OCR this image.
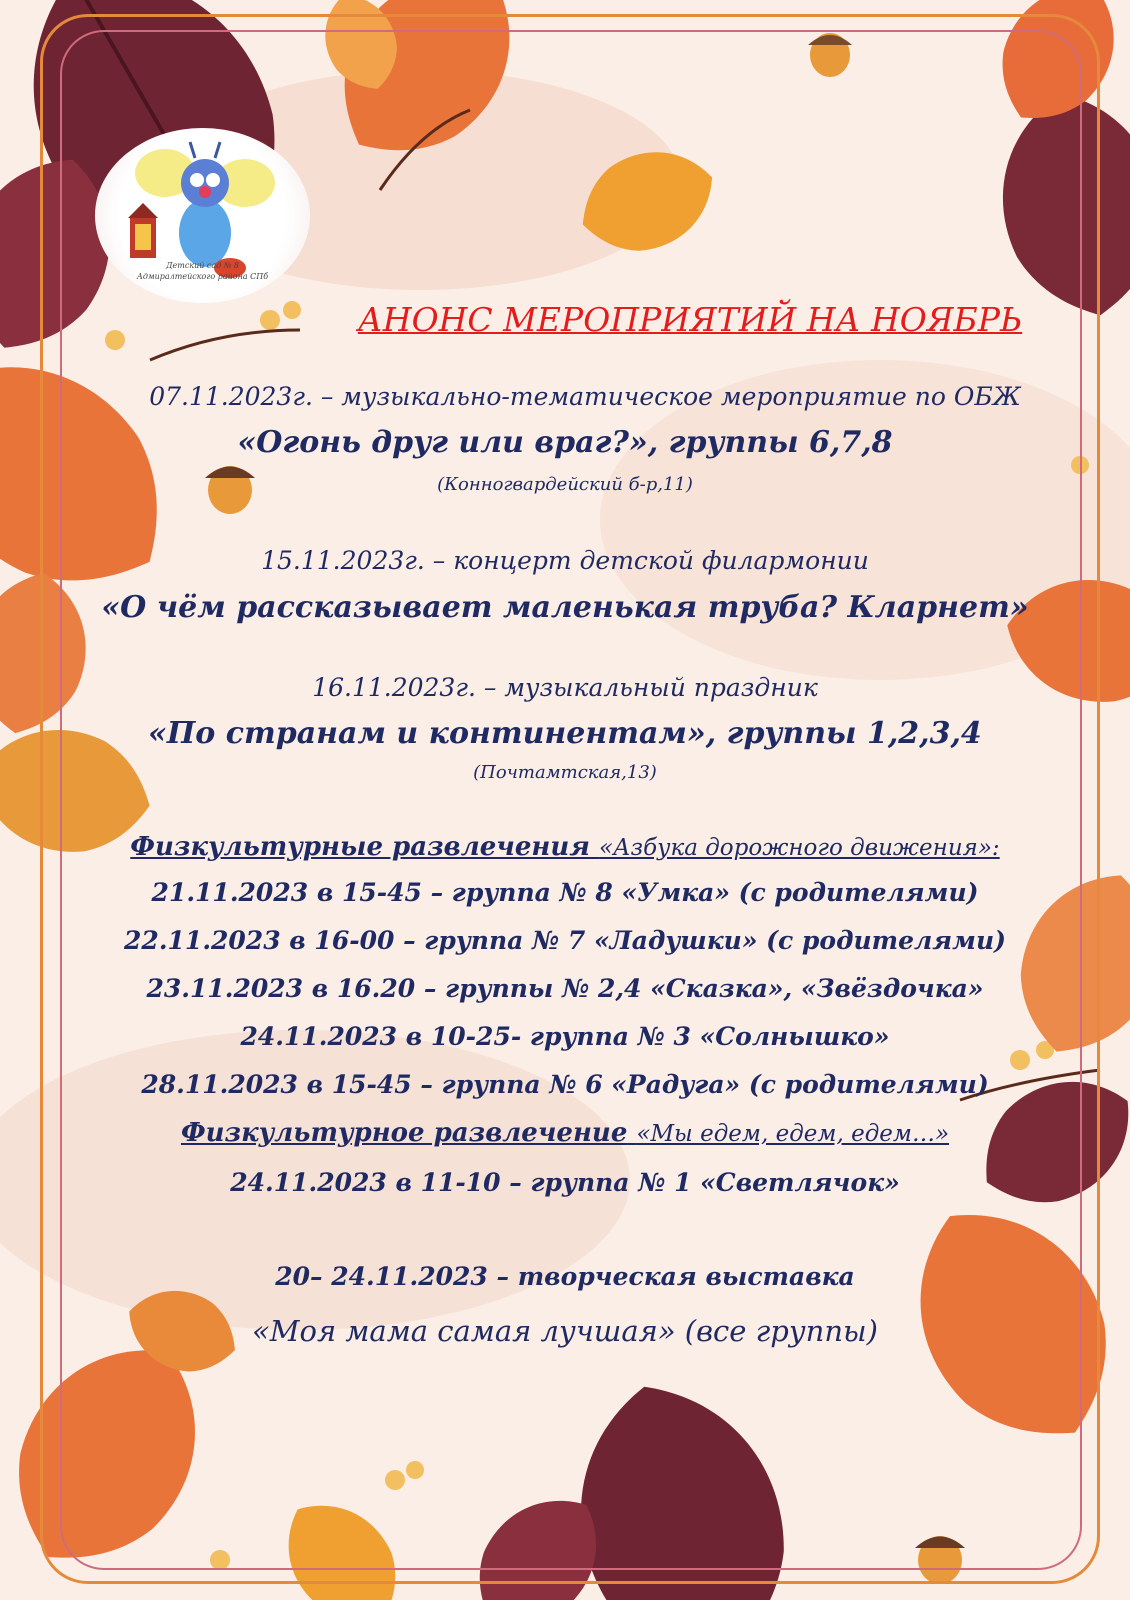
Детский сад № 8
Адмиралтейского района СПб
АНОНС МЕРОПРИЯТИЙ НА НОЯБРЬ
07.11.2023г. – музыкально-тематическое мероприятие по ОБЖ
«Огонь друг или враг?», группы 6,7,8
(Конногвардейский б-р,11)
15.11.2023г. – концерт детской филармонии
«О чём рассказывает маленькая труба? Кларнет»
16.11.2023г. – музыкальный праздник
«По странам и континентам», группы 1,2,3,4
(Почтамтская,13)
Физкультурные развлечения «Азбука дорожного движения»:
21.11.2023 в 15-45 – группа № 8 «Умка» (с родителями)
22.11.2023 в 16-00 – группа № 7 «Ладушки» (с родителями)
23.11.2023 в 16.20 – группы № 2,4 «Сказка», «Звёздочка»
24.11.2023 в 10-25- группа № 3 «Солнышко»
28.11.2023 в 15-45 – группа № 6 «Радуга» (с родителями)
Физкультурное развлечение «Мы едем, едем, едем…»
24.11.2023 в 11-10 – группа № 1 «Светлячок»
20– 24.11.2023 – творческая выставка
«Моя мама самая лучшая» (все группы)
